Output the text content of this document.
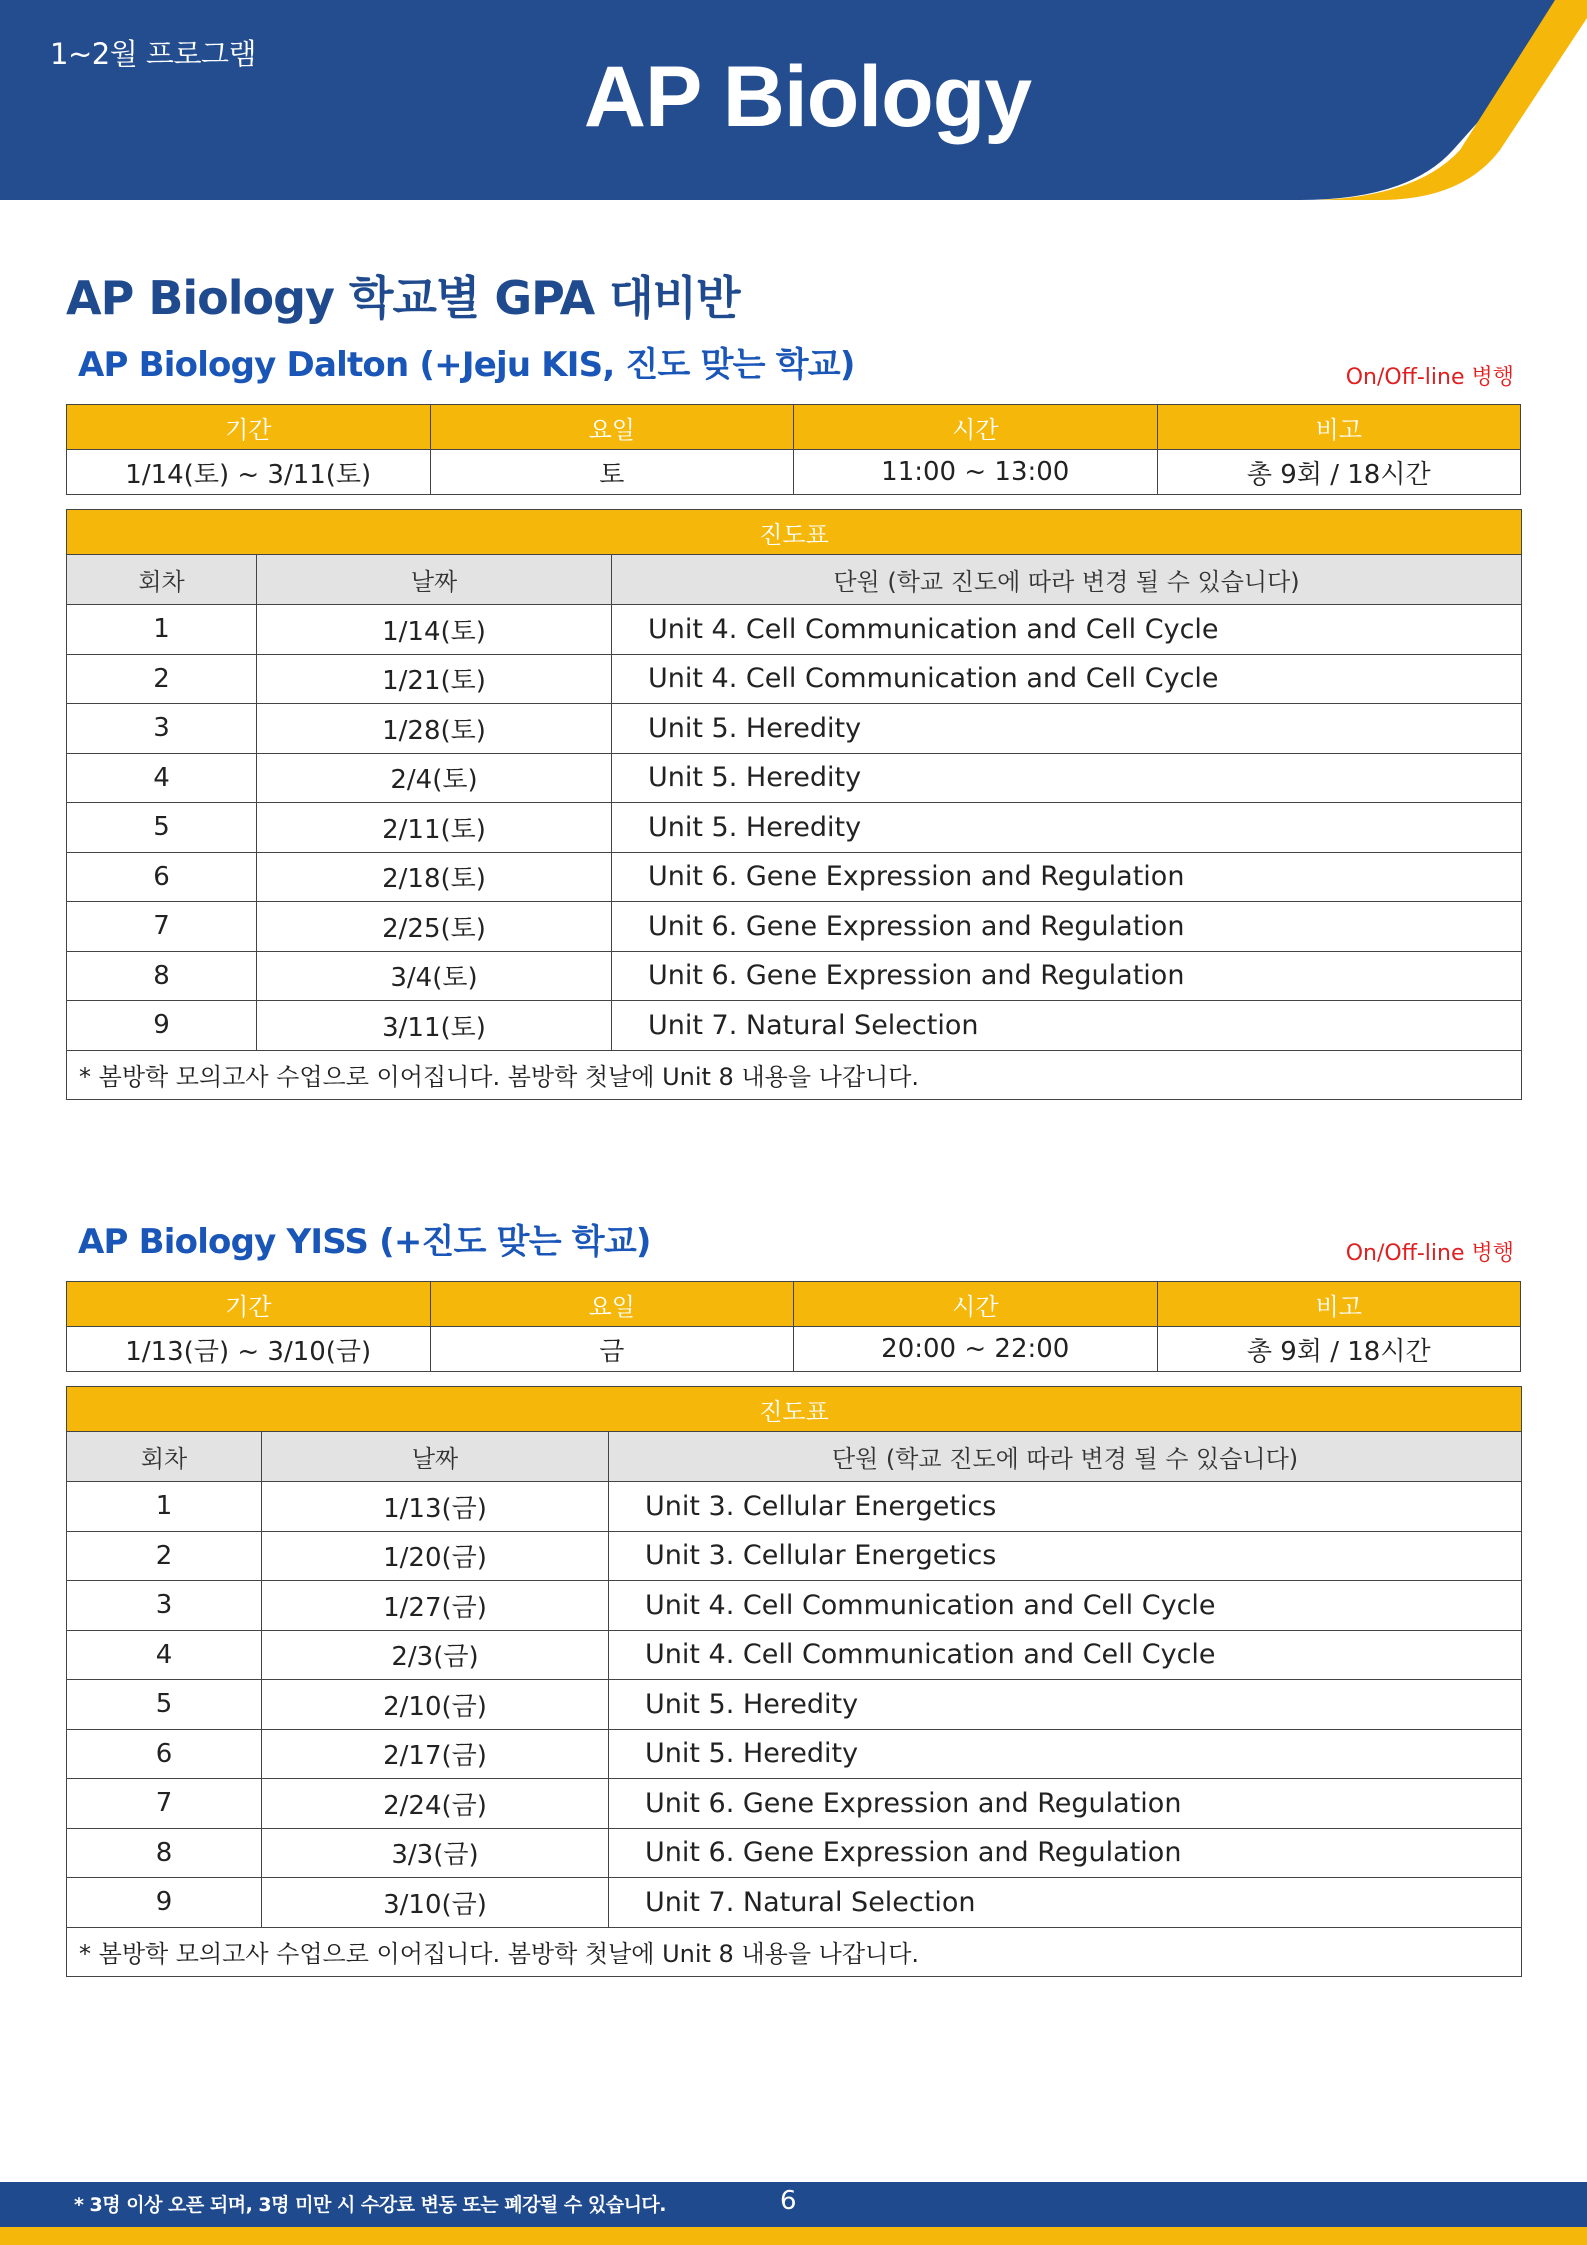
1~2월 프로그램	AP Biology
AP Biology 학교별 GPA 대비반
AP Biology Dalton (+Jeju KIS, 진도 맞는 학교)	On/Off-line 병행
기간	요일	시간	비고
1/14(토) ~ 3/11(토)	토	11:00 ~ 13:00	총 9회 / 18시간
진도표		
회차	날짜	단원 (학교 진도에 따라 변경 될 수 있습니다)
1	1/14(토)	Unit 4. Cell Communication and Cell Cycle
2	1/21(토)	Unit 4. Cell Communication and Cell Cycle
3	1/28(토)	Unit 5. Heredity
4	2/4(토)	Unit 5. Heredity
5	2/11(토)	Unit 5. Heredity
6	2/18(토)	Unit 6. Gene Expression and Regulation
7	2/25(토)	Unit 6. Gene Expression and Regulation
8	3/4(토)	Unit 6. Gene Expression and Regulation
9	3/11(토)	Unit 7. Natural Selection
* 봄방학 모의고사 수업으로 이어집니다. 봄방학 첫날에 Unit 8 내용을 나갑니다.		
AP Biology YISS (+진도 맞는 학교)	On/Off-line 병행
기간	요일	시간	비고
1/13(금) ~ 3/10(금)	금	20:00 ~ 22:00	총 9회 / 18시간
진도표		
회차	날짜	단원 (학교 진도에 따라 변경 될 수 있습니다)
1	1/13(금)	Unit 3. Cellular Energetics
2	1/20(금)	Unit 3. Cellular Energetics
3	1/27(금)	Unit 4. Cell Communication and Cell Cycle
4	2/3(금)	Unit 4. Cell Communication and Cell Cycle
5	2/10(금)	Unit 5. Heredity
6	2/17(금)	Unit 5. Heredity
7	2/24(금)	Unit 6. Gene Expression and Regulation
8	3/3(금)	Unit 6. Gene Expression and Regulation
9	3/10(금)	Unit 7. Natural Selection
* 봄방학 모의고사 수업으로 이어집니다. 봄방학 첫날에 Unit 8 내용을 나갑니다.		
* 3명 이상 오픈 되며, 3명 미만 시 수강료 변동 또는 폐강될 수 있습니다.	6
